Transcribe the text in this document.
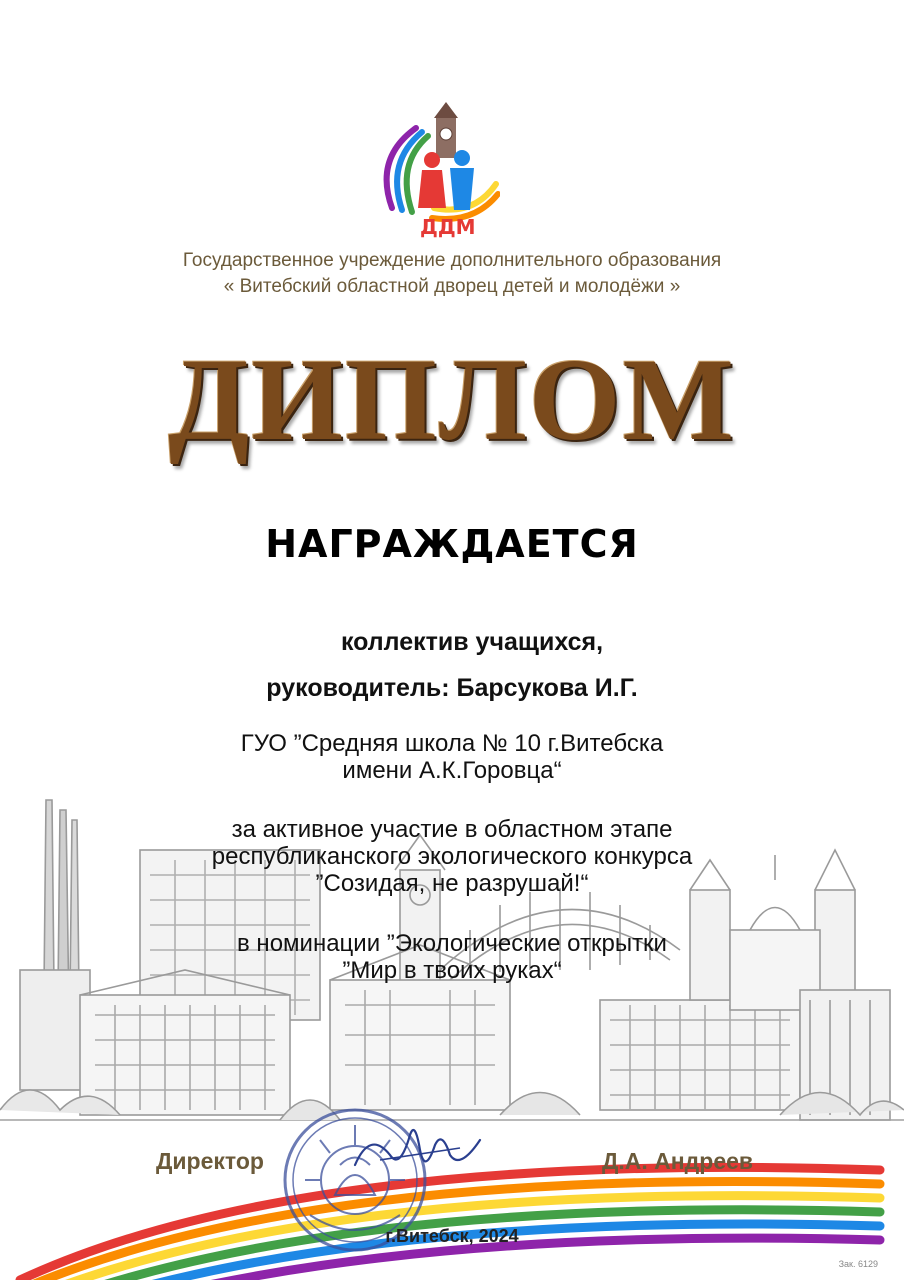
ДДМ
Государственное учреждение дополнительного образования
« Витебский областной дворец детей и молодёжи »
ДИПЛОМ
НАГРАЖДАЕТСЯ
коллектив учащихся,
руководитель: Барсукова И.Г.
ГУО ”Средняя школа № 10 г.Витебска
имени А.К.Горовца“
за активное участие в областном этапе
республиканского экологического конкурса
”Созидая, не разрушай!“
в номинации ”Экологические открытки
”Мир в твоих руках“
Директор	Д.А. Андреев
г.Витебск, 2024
Зак. 6129
